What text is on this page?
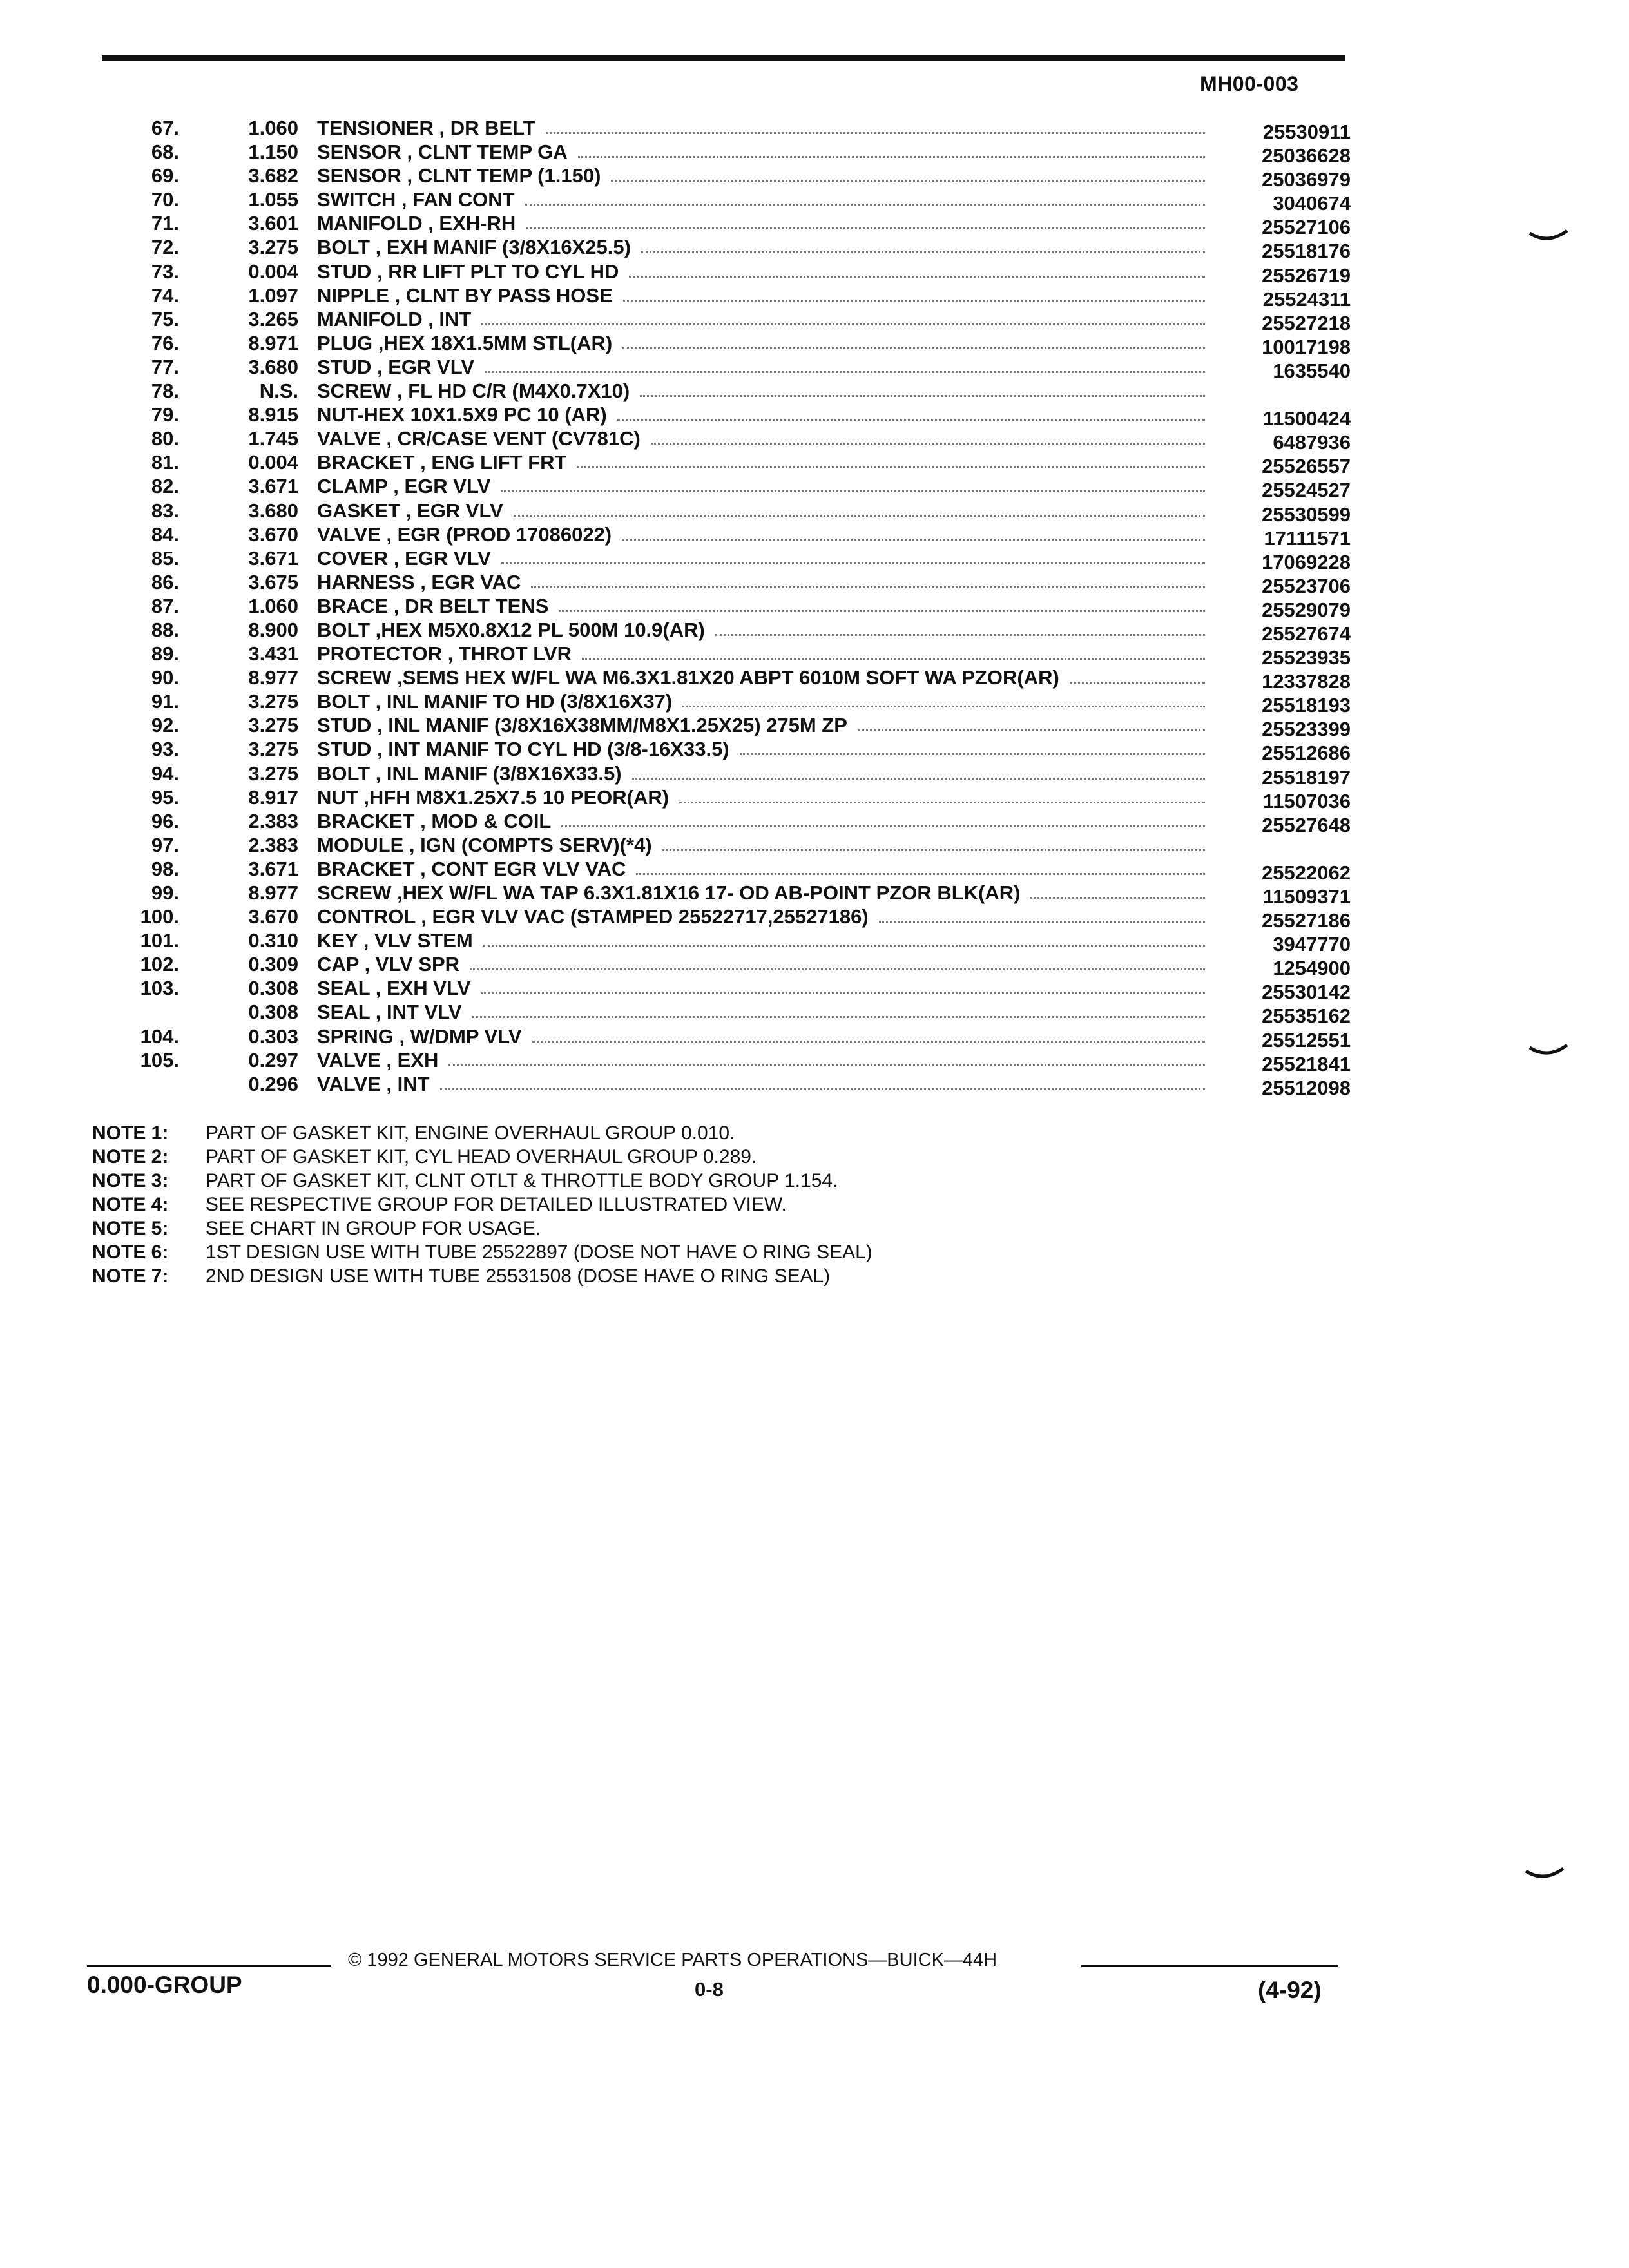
MH00-003
67.	1.060 TENSIONER , DR BELT	25530911
68.	1.150 SENSOR , CLNT TEMP GA	25036628
69.	3.682 SENSOR , CLNT TEMP (1.150)	25036979
70.	1.055 SWITCH , FAN CONT	3040674
71.	3.601 MANIFOLD , EXH-RH	25527106
72.	3.275 BOLT , EXH MANIF (3/8X16X25.5)	25518176
73.	0.004 STUD , RR LIFT PLT TO CYL HD	25526719
74.	1.097 NIPPLE , CLNT BY PASS HOSE	25524311
75.	3.265 MANIFOLD , INT	25527218
76.	8.971 PLUG ,HEX 18X1.5MM STL(AR)	10017198
77.	3.680 STUD , EGR VLV	1635540
78.	N.S. SCREW , FL HD C/R (M4X0.7X10)
79.	8.915 NUT-HEX 10X1.5X9 PC 10 (AR)	11500424
80.	1.745 VALVE , CR/CASE VENT (CV781C)	6487936
81.	0.004 BRACKET , ENG LIFT FRT	25526557
82.	3.671 CLAMP , EGR VLV	25524527
83.	3.680 GASKET , EGR VLV	25530599
84.	3.670 VALVE , EGR (PROD 17086022)	17111571
85.	3.671 COVER , EGR VLV	17069228
86.	3.675 HARNESS , EGR VAC	25523706
87.	1.060 BRACE , DR BELT TENS	25529079
88.	8.900 BOLT ,HEX M5X0.8X12 PL 500M 10.9(AR)	25527674
89.	3.431 PROTECTOR , THROT LVR	25523935
90.	8.977 SCREW ,SEMS HEX W/FL WA M6.3X1.81X20 ABPT 6010M SOFT WA PZOR(AR)	12337828
91.	3.275 BOLT , INL MANIF TO HD (3/8X16X37)	25518193
92.	3.275 STUD , INL MANIF (3/8X16X38MM/M8X1.25X25) 275M ZP	25523399
93.	3.275 STUD , INT MANIF TO CYL HD (3/8-16X33.5)	25512686
94.	3.275 BOLT , INL MANIF (3/8X16X33.5)	25518197
95.	8.917 NUT ,HFH M8X1.25X7.5 10 PEOR(AR)	11507036
96.	2.383 BRACKET , MOD & COIL	25527648
97.	2.383 MODULE , IGN (COMPTS SERV)(*4)
98.	3.671 BRACKET , CONT EGR VLV VAC	25522062
99.	8.977 SCREW ,HEX W/FL WA TAP 6.3X1.81X16 17- OD AB-POINT PZOR BLK(AR)	11509371
100.	3.670 CONTROL , EGR VLV VAC (STAMPED 25522717,25527186)	25527186
101.	0.310 KEY , VLV STEM	3947770
102.	0.309 CAP , VLV SPR	1254900
103.	0.308 SEAL , EXH VLV	25530142
0.308 SEAL , INT VLV	25535162
104.	0.303 SPRING , W/DMP VLV	25512551
105.	0.297 VALVE , EXH	25521841
0.296 VALVE , INT	25512098
NOTE 1: PART OF GASKET KIT, ENGINE OVERHAUL GROUP 0.010.
NOTE 2: PART OF GASKET KIT, CYL HEAD OVERHAUL GROUP 0.289.
NOTE 3: PART OF GASKET KIT, CLNT OTLT & THROTTLE BODY GROUP 1.154.
NOTE 4: SEE RESPECTIVE GROUP FOR DETAILED ILLUSTRATED VIEW.
NOTE 5: SEE CHART IN GROUP FOR USAGE.
NOTE 6: 1ST DESIGN USE WITH TUBE 25522897 (DOSE NOT HAVE O RING SEAL)
NOTE 7: 2ND DESIGN USE WITH TUBE 25531508 (DOSE HAVE O RING SEAL)
© 1992 GENERAL MOTORS SERVICE PARTS OPERATIONS—BUICK—44H
0.000-GROUP	0-8	(4-92)
